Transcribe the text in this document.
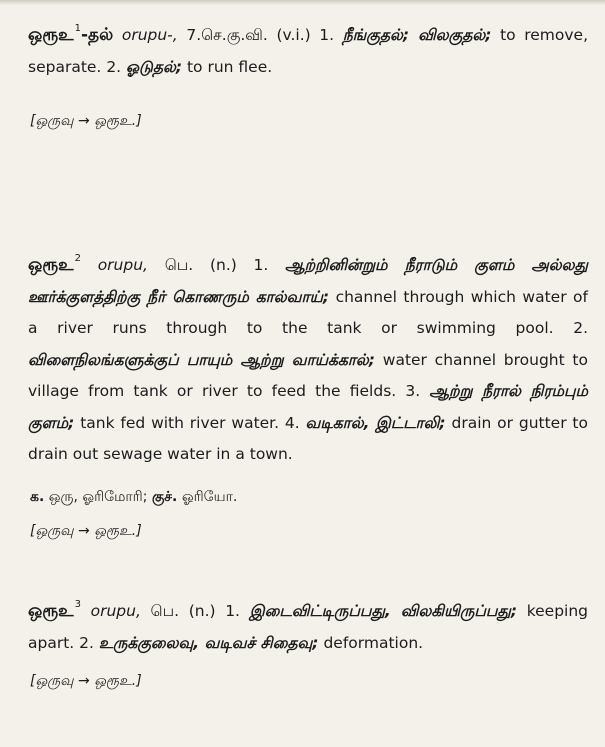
ஒரூஉ$^1$-தல் orupu-, 7.செ.கு.வி. (v.i.) 1. நீங்குதல்; விலகுதல்; to remove, separate. 2. ஓடுதல்; to run flee.

[ஒருவு → ஒரூஉ.]

ஒரூஉ$^2$ orupu, பெ. (n.) 1. ஆற்றினின்றும் நீராடும் குளம் அல்லது ஊர்க்குளத்திற்கு நீர் கொணரும் கால்வாய்; channel through which water of a river runs through to the tank or swimming pool. 2. விளைநிலங்களுக்குப் பாயும் ஆற்று வாய்க்கால்; water channel brought to village from tank or river to feed the fields. 3. ஆற்று நீரால் நிரம்பும் குளம்; tank fed with river water. 4. வடிகால், இட்டாலி; drain or gutter to drain out sewage water in a town.

க. ஒரு, ஓரிமோரி; குச். ஓரியோ.

[ஒருவு → ஒரூஉ.]

ஒரூஉ$^3$ orupu, பெ. (n.) 1. இடைவிட்டிருப்பது, விலகியிருப்பது; keeping apart. 2. உருக்குலைவு, வடிவச் சிதைவு; deformation.

[ஒருவு → ஒரூஉ.]
